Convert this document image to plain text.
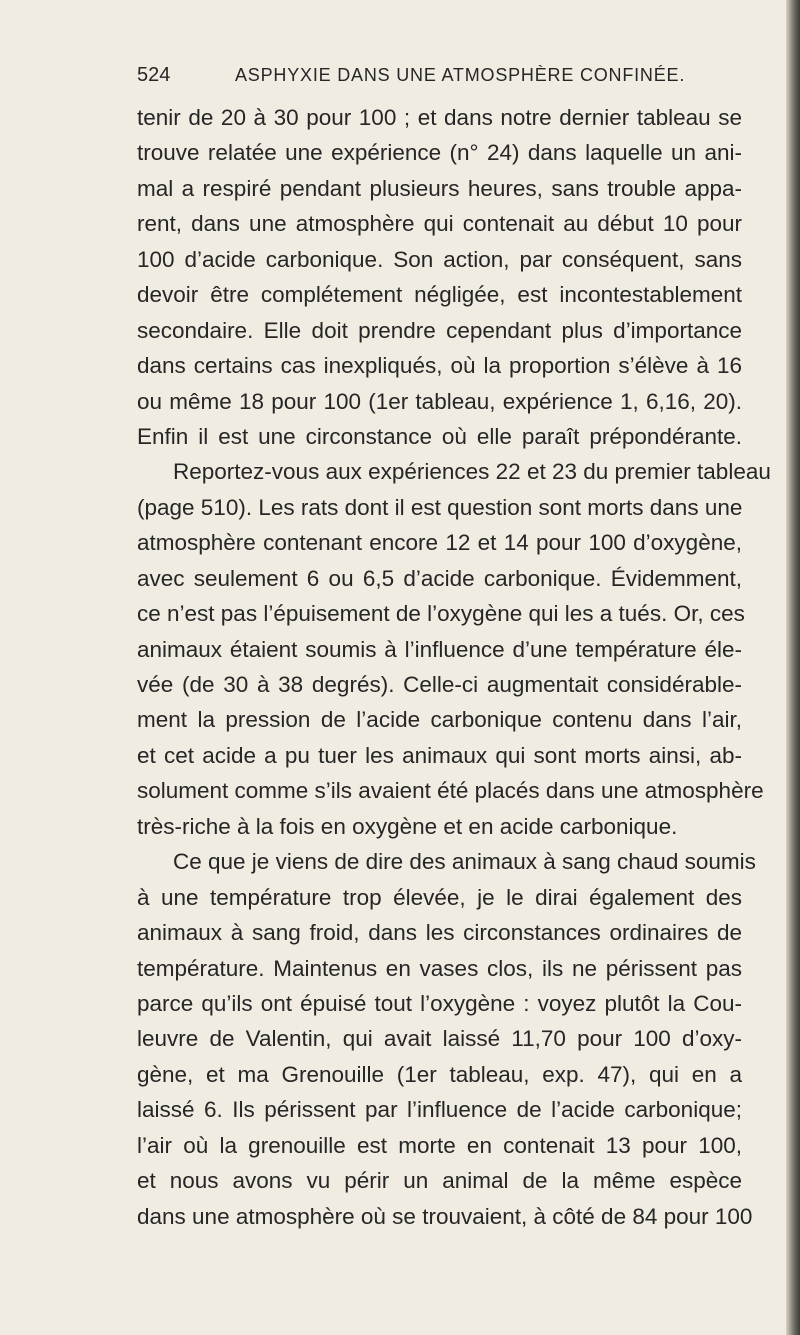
524	ASPHYXIE DANS UNE ATMOSPHÈRE CONFINÉE.
tenir de 20 à 30 pour 100 ; et dans notre dernier tableau se
trouve relatée une expérience (n° 24) dans laquelle un ani-
mal a respiré pendant plusieurs heures, sans trouble appa-
rent, dans une atmosphère qui contenait au début 10 pour
100 d’acide carbonique. Son action, par conséquent, sans
devoir être complétement négligée, est incontestablement
secondaire. Elle doit prendre cependant plus d’importance
dans certains cas inexpliqués, où la proportion s’élève à 16
ou même 18 pour 100 (1er tableau, expérience 1, 6,16, 20).
Enfin il est une circonstance où elle paraît prépondérante.
Reportez-vous aux expériences 22 et 23 du premier tableau
(page 510). Les rats dont il est question sont morts dans une
atmosphère contenant encore 12 et 14 pour 100 d’oxygène,
avec seulement 6 ou 6,5 d’acide carbonique. Évidemment,
ce n’est pas l’épuisement de l’oxygène qui les a tués. Or, ces
animaux étaient soumis à l’influence d’une température éle-
vée (de 30 à 38 degrés). Celle-ci augmentait considérable-
ment la pression de l’acide carbonique contenu dans l’air,
et cet acide a pu tuer les animaux qui sont morts ainsi, ab-
solument comme s’ils avaient été placés dans une atmosphère
très-riche à la fois en oxygène et en acide carbonique.
Ce que je viens de dire des animaux à sang chaud soumis
à une température trop élevée, je le dirai également des
animaux à sang froid, dans les circonstances ordinaires de
température. Maintenus en vases clos, ils ne périssent pas
parce qu’ils ont épuisé tout l’oxygène : voyez plutôt la Cou-
leuvre de Valentin, qui avait laissé 11,70 pour 100 d’oxy-
gène, et ma Grenouille (1er tableau, exp. 47), qui en a
laissé 6. Ils périssent par l’influence de l’acide carbonique;
l’air où la grenouille est morte en contenait 13 pour 100,
et nous avons vu périr un animal de la même espèce
dans une atmosphère où se trouvaient, à côté de 84 pour 100
